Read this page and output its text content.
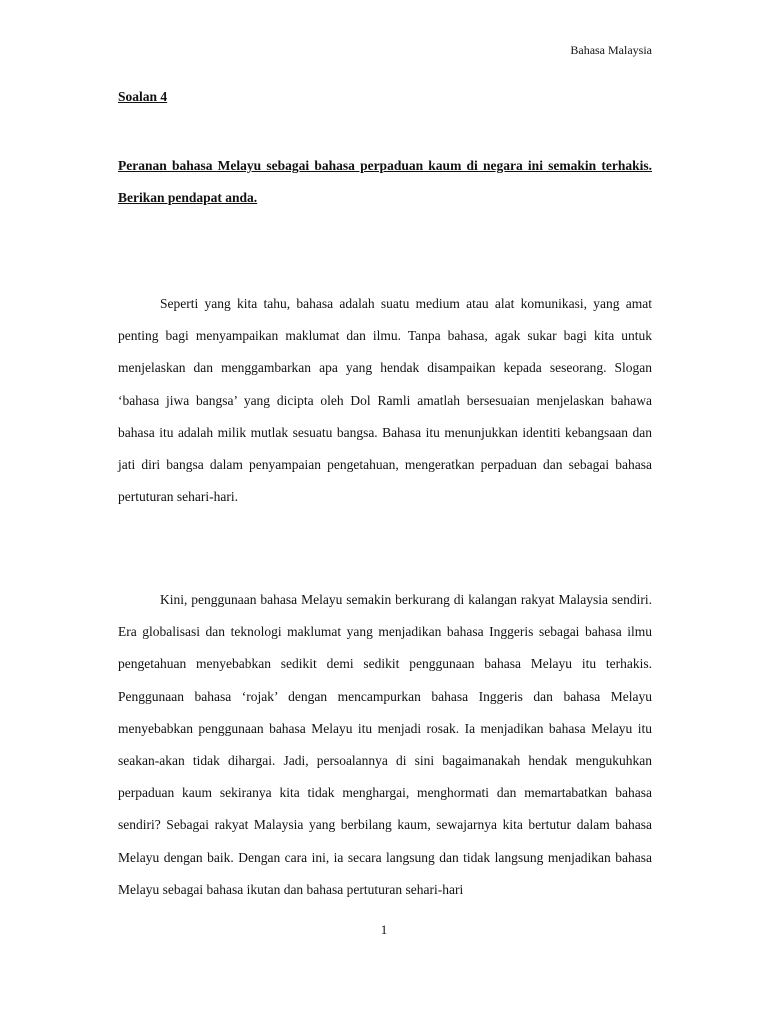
Bahasa Malaysia
Soalan 4

Peranan bahasa Melayu sebagai bahasa perpaduan kaum di negara ini semakin terhakis. Berikan pendapat anda.

Seperti yang kita tahu, bahasa adalah suatu medium atau alat komunikasi, yang amat penting bagi menyampaikan maklumat dan ilmu. Tanpa bahasa, agak sukar bagi kita untuk menjelaskan dan menggambarkan apa yang hendak disampaikan kepada seseorang. Slogan ‘bahasa jiwa bangsa’ yang dicipta oleh Dol Ramli amatlah bersesuaian menjelaskan bahawa bahasa itu adalah milik mutlak sesuatu bangsa. Bahasa itu menunjukkan identiti kebangsaan dan jati diri bangsa dalam penyampaian pengetahuan, mengeratkan perpaduan dan sebagai bahasa pertuturan sehari-hari.

Kini, penggunaan bahasa Melayu semakin berkurang di kalangan rakyat Malaysia sendiri. Era globalisasi dan teknologi maklumat yang menjadikan bahasa Inggeris sebagai bahasa ilmu pengetahuan menyebabkan sedikit demi sedikit penggunaan bahasa Melayu itu terhakis. Penggunaan bahasa ‘rojak’ dengan mencampurkan bahasa Inggeris dan bahasa Melayu menyebabkan penggunaan bahasa Melayu itu menjadi rosak. Ia menjadikan bahasa Melayu itu seakan-akan tidak dihargai. Jadi, persoalannya di sini bagaimanakah hendak mengukuhkan perpaduan kaum sekiranya kita tidak menghargai, menghormati dan memartabatkan bahasa sendiri? Sebagai rakyat Malaysia yang berbilang kaum, sewajarnya kita bertutur dalam bahasa Melayu dengan baik. Dengan cara ini, ia secara langsung dan tidak langsung menjadikan bahasa Melayu sebagai bahasa ikutan dan bahasa pertuturan sehari-hari

1
